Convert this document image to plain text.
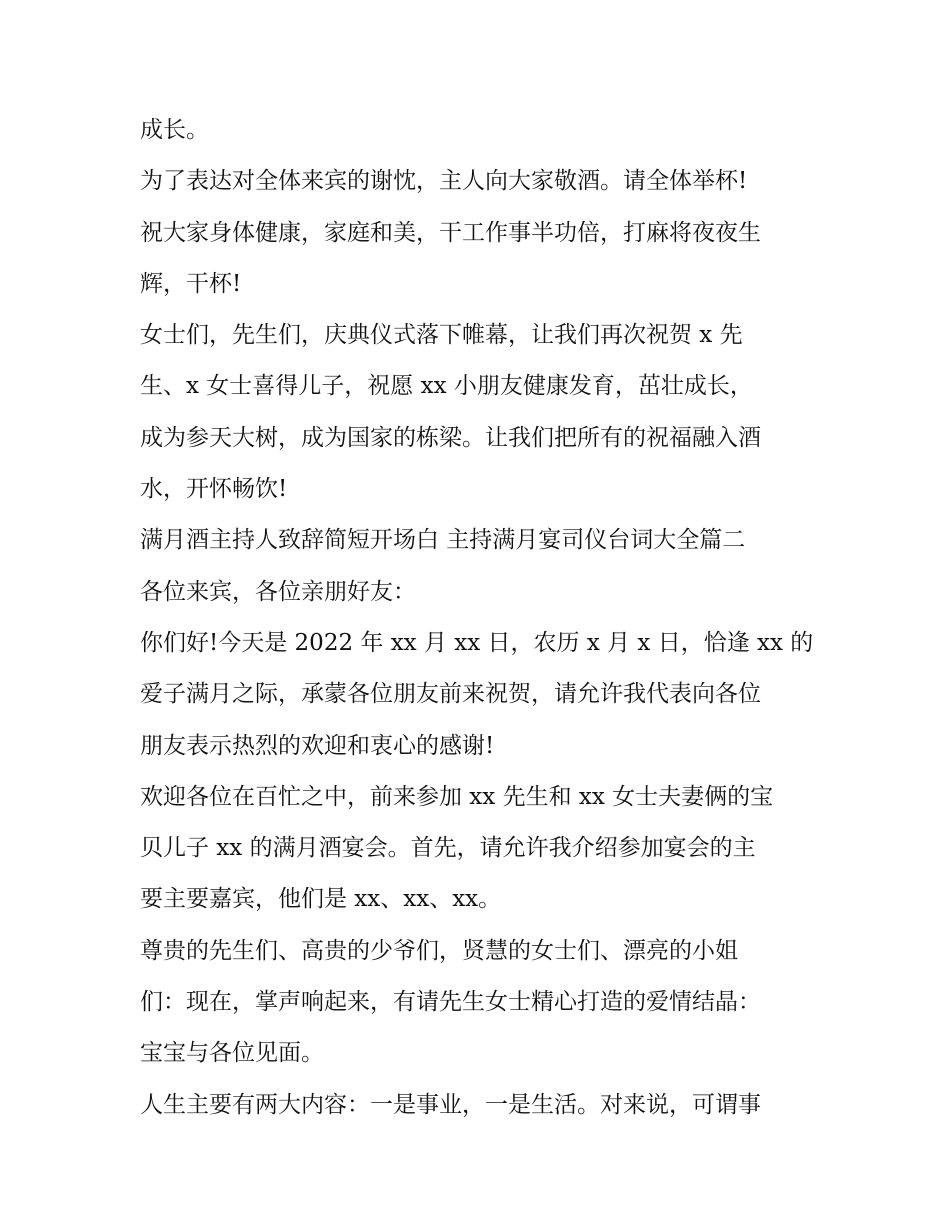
成长。
为了表达对全体来宾的谢忱，主人向大家敬酒。请全体举杯!
祝大家身体健康，家庭和美，干工作事半功倍，打麻将夜夜生
辉，干杯!
女士们，先生们，庆典仪式落下帷幕，让我们再次祝贺 x 先
生、x 女士喜得儿子，祝愿 xx 小朋友健康发育，茁壮成长，
成为参天大树，成为国家的栋梁。让我们把所有的祝福融入酒
水，开怀畅饮!
满月酒主持人致辞简短开场白 主持满月宴司仪台词大全篇二
各位来宾，各位亲朋好友：
你们好!今天是 2022 年 xx 月 xx 日，农历 x 月 x 日，恰逢 xx 的
爱子满月之际，承蒙各位朋友前来祝贺，请允许我代表向各位
朋友表示热烈的欢迎和衷心的感谢!
欢迎各位在百忙之中，前来参加 xx 先生和 xx 女士夫妻俩的宝
贝儿子 xx 的满月酒宴会。首先，请允许我介绍参加宴会的主
要主要嘉宾，他们是 xx、xx、xx。
尊贵的先生们、高贵的少爷们，贤慧的女士们、漂亮的小姐
们：现在，掌声响起来，有请先生女士精心打造的爱情结晶：
宝宝与各位见面。
人生主要有两大内容：一是事业，一是生活。对来说，可谓事
